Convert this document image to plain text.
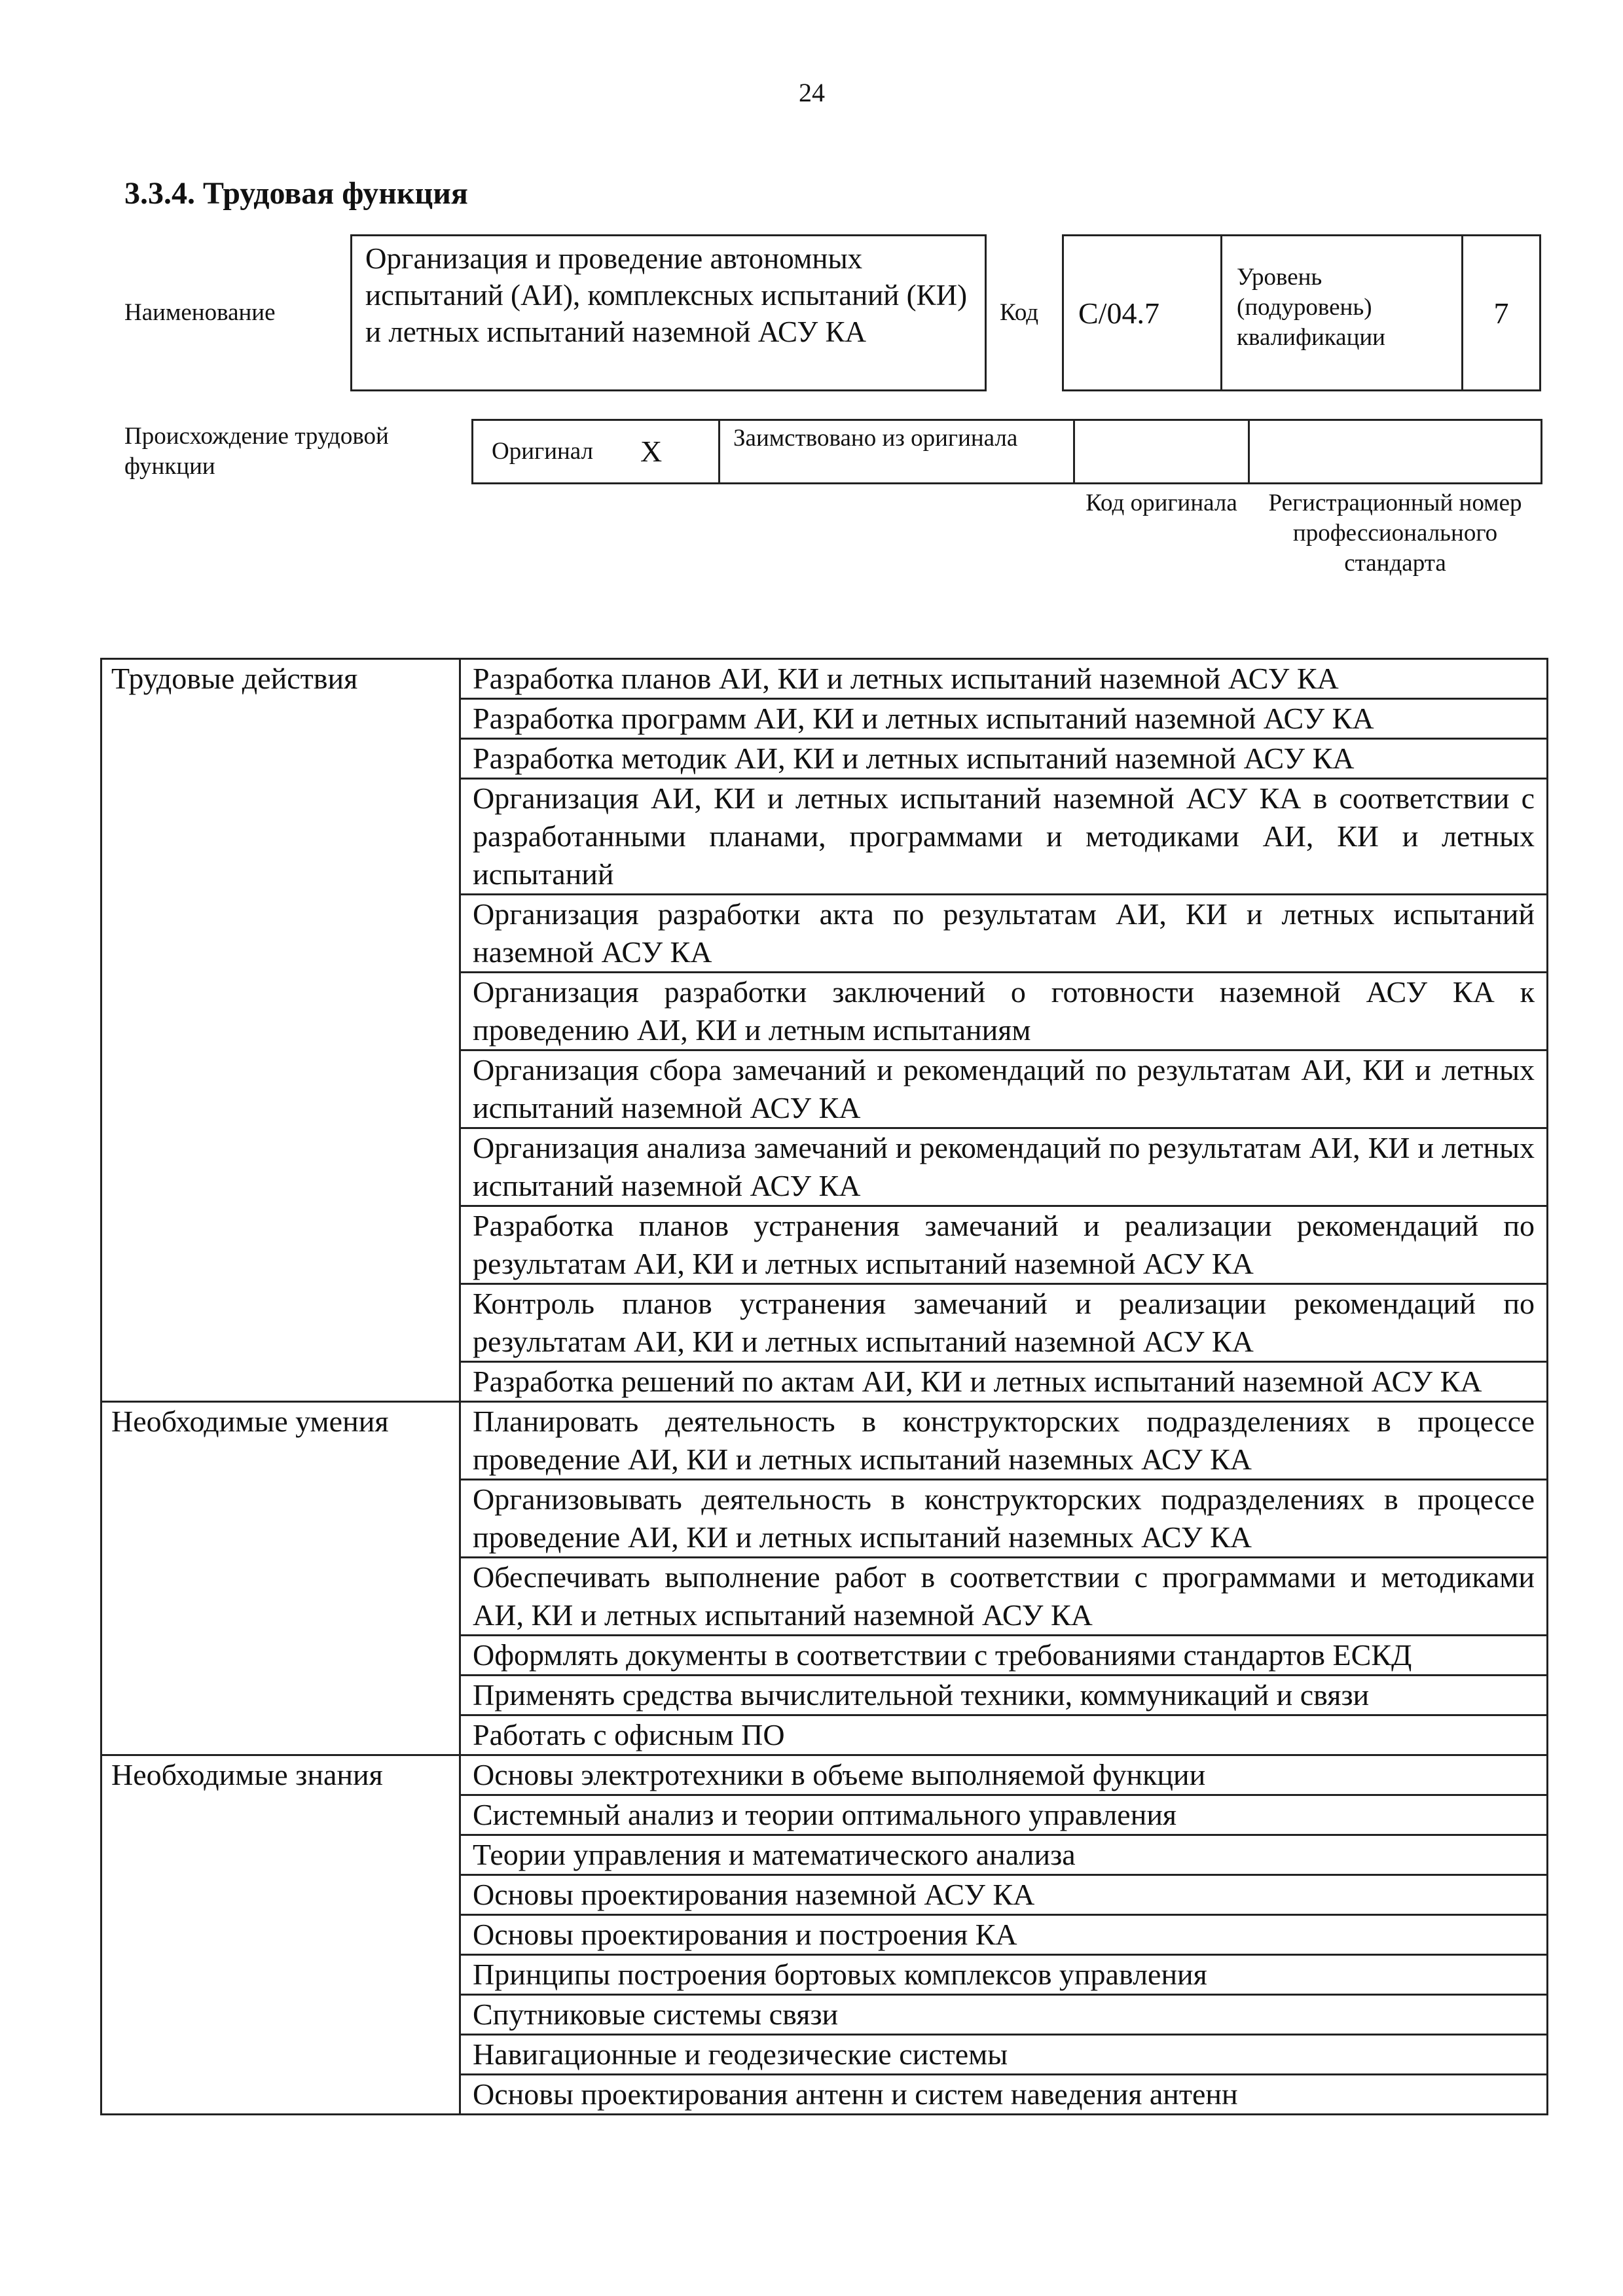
24
3.3.4. Трудовая функция
Наименование
Организация и проведение автономных испытаний (АИ), комплексных испытаний (КИ) и летных испытаний наземной АСУ КА
Код	C/04.7
Уровень (подуровень) квалификации
7
Происхождение трудовой функции
Оригинал X	Заимствовано из оригинала
Код оригинала	Регистрационный номер профессионального стандарта
Трудовые действия	Разработка планов АИ, КИ и летных испытаний наземной АСУ КА
	Разработка программ АИ, КИ и летных испытаний наземной АСУ КА
	Разработка методик АИ, КИ и летных испытаний наземной АСУ КА
	Организация АИ, КИ и летных испытаний наземной АСУ КА в соответствии с разработанными планами, программами и методиками АИ, КИ и летных испытаний
	Организация разработки акта по результатам АИ, КИ и летных испытаний наземной АСУ КА
	Организация разработки заключений о готовности наземной АСУ КА к проведению АИ, КИ и летным испытаниям
	Организация сбора замечаний и рекомендаций по результатам АИ, КИ и летных испытаний наземной АСУ КА
	Организация анализа замечаний и рекомендаций по результатам АИ, КИ и летных испытаний наземной АСУ КА
	Разработка планов устранения замечаний и реализации рекомендаций по результатам АИ, КИ и летных испытаний наземной АСУ КА
	Контроль планов устранения замечаний и реализации рекомендаций по результатам АИ, КИ и летных испытаний наземной АСУ КА
	Разработка решений по актам АИ, КИ и летных испытаний наземной АСУ КА
Необходимые умения	Планировать деятельность в конструкторских подразделениях в процессе проведение АИ, КИ и летных испытаний наземных АСУ КА
	Организовывать деятельность в конструкторских подразделениях в процессе проведение АИ, КИ и летных испытаний наземных АСУ КА
	Обеспечивать выполнение работ в соответствии с программами и методиками АИ, КИ и летных испытаний наземной АСУ КА
	Оформлять документы в соответствии с требованиями стандартов ЕСКД
	Применять средства вычислительной техники, коммуникаций и связи
	Работать с офисным ПО
Необходимые знания	Основы электротехники в объеме выполняемой функции
	Системный анализ и теории оптимального управления
	Теории управления и математического анализа
	Основы проектирования наземной АСУ КА
	Основы проектирования и построения КА
	Принципы построения бортовых комплексов управления
	Спутниковые системы связи
	Навигационные и геодезические системы
	Основы проектирования антенн и систем наведения антенн
